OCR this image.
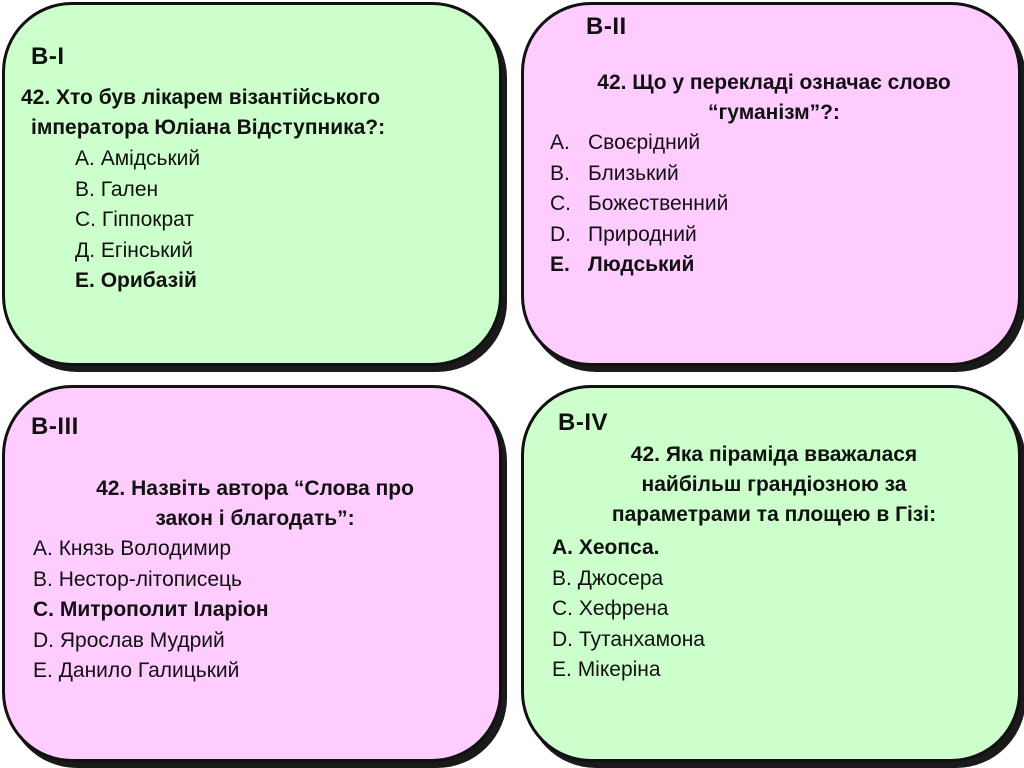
В-І
42. Хто був лікарем візантійського
імператора Юліана Відступника?:
А. Амідський
В. Гален
С. Гіппократ
Д. Егінський
Е. Орибазій
В-ІІ
42. Що у перекладі означає слово
“гуманізм”?:
A. Своєрідний
B. Близький
C. Божественний
D. Природний
E. Людський
В-ІІІ
42. Назвіть автора “Слова про
закон і благодать”:
А. Князь Володимир
В. Нестор-літописець
С. Митрополит Іларіон
D. Ярослав Мудрий
Е. Данило Галицький
В-ІV
42. Яка піраміда вважалася
найбільш грандіозною за
параметрами та площею в Гізі:
А. Хеопса.
В. Джосера
С. Хефрена
D. Тутанхамона
Е. Мікеріна
